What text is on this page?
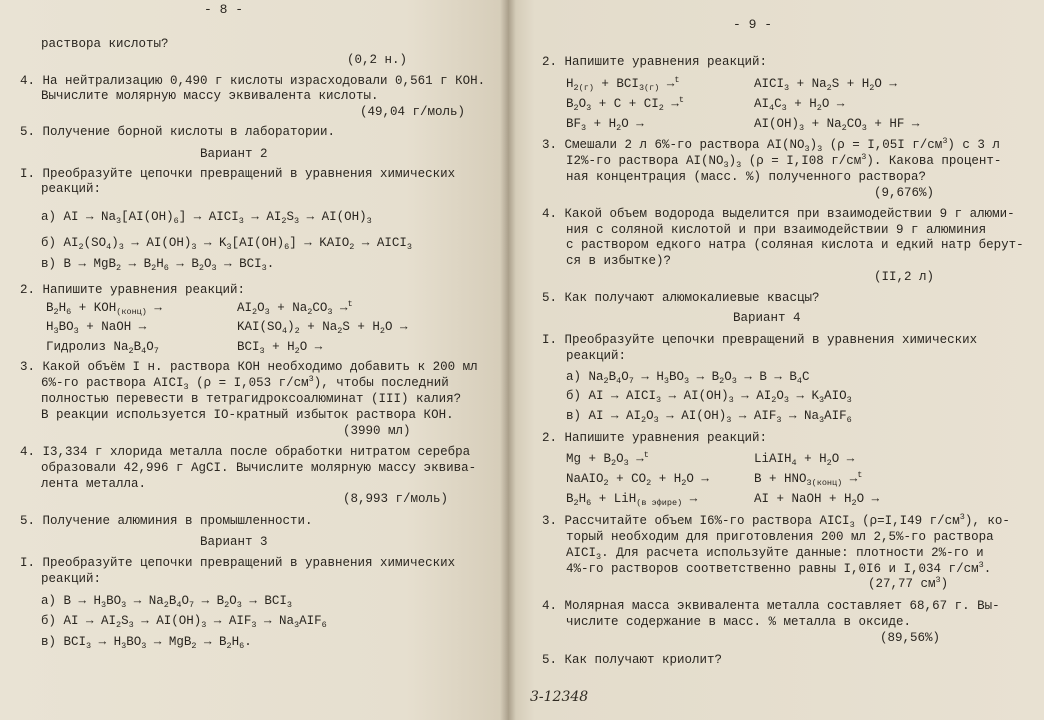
- 8 -
раствора кислоты?
(0,2 н.)
4. На нейтрализацию 0,490 г кислоты израсходовали 0,561 г КОН.
Вычислите молярную массу эквивалента кислоты.
(49,04 г/моль)
5. Получение борной кислоты в лаборатории.
Вариант 2
I. Преобразуйте цепочки превращений в уравнения химических
реакций:
а) AI → $Na_3[AI(OH)_6]$ → $AICI_3 \to AI_2S_3 \to AI(OH)_3$
б) $AI_2(SO_4)_3 \to AI(OH)_3 \to K_3[AI(OH)_6]$ → $KAIO_2$ → $AICI_3$
в) $B \to MgB_2 \to B_2H_6 \to B_2O_3 \to BCI_3$.
2. Напишите уравнения реакций:
$B_2H_6 + KOH_{(конц)}$ →	$AI_2O_3 + Na_2CO_3 \to^t$
$H_3BO_3$ + NaOH →	$KAI(SO_4)_2 + Na_2S + H_2O$ →
Гидролиз $Na_2B_4O_7$	$BCI_3 + H_2O$ →
3. Какой объём I н. раствора КОН необходимо добавить к 200 мл
6%-го раствора $AICI_3$ (ρ = I,053 $г/см^3$), чтобы последний
полностью перевести в тетрагидроксоалюминат (III) калия?
В реакции используется IO-кратный избыток раствора КОН.
(3990 мл)
4. I3,334 г хлорида металла после обработки нитратом серебра
образовали 42,996 г AgCI. Вычислите молярную массу эквива-
лента металла.
(8,993 г/моль)
5. Получение алюминия в промышленности.
Вариант 3
I. Преобразуйте цепочки превращений в уравнения химических
реакций:
а) $B \to H_3BO_3 \to Na_2B_4O_7 \to B_2O_3 \to BCI_3$
б) AI → $AI_2S_3 \to AI(OH)_3 \to AIF_3 \to Na_3AIF_6$
в) $BCI_3 \to H_3BO_3 \to MgB_2 \to B_2H_6$.
- 9 -
2. Напишите уравнения реакций:
$H_{2(г)} + BCI_{3(г)} \to^t$	$AICI_3 + Na_2S + H_2O$ →
$B_2O_3 + C + CI_2 \to^t$	$AI_4C_3 + H_2O$ →
$BF_3 + H_2O$ →	$AI(OH)_3 + Na_2CO_3$ + HF →
3. Смешали 2 л 6%-го раствора $AI(NO_3)_3$ (ρ = I,05I $г/см^3$) с 3 л
I2%-го раствора $AI(NO_3)_3$ (ρ = I,I08 $г/см^3$). Какова процент-
ная концентрация (масс. %) полученного раствора?
(9,676%)
4. Какой объем водорода выделится при взаимодействии 9 г алюми-
ния с соляной кислотой и при взаимодействии 9 г алюминия
с раствором едкого натра (соляная кислота и едкий натр берут-
ся в избытке)?
(II,2 л)
5. Как получают алюмокалиевые квасцы?
Вариант 4
I. Преобразуйте цепочки превращений в уравнения химических
реакций:
а) $Na_2B_4O_7 \to H_3BO_3 \to B_2O_3 \to B \to B_4C$
б) AI → $AICI_3 \to AI(OH)_3 \to AI_2O_3 \to K_3AIO_3$
в) AI → $AI_2O_3 \to AI(OH)_3 \to AIF_3 \to Na_3AIF_6$
2. Напишите уравнения реакций:
$Mg + B_2O_3 \to^t$	LiAIH$_4$ + $H_2O$ →
NaAIO$_2$ + $CO_2 + H_2O$ →	$B + HNO_{3(конц)} \to^t$
$B_2H_6 + LiH_{(в эфире)}$ →	AI + NaOH + $H_2O$ →
3. Рассчитайте объем I6%-го раствора $AICI_3$ (ρ=I,I49 $г/см^3$), ко-
торый необходим для приготовления 200 мл 2,5%-го раствора
$AICI_3$. Для расчета используйте данные: плотности 2%-го и
4%-го растворов соответственно равны I,0I6 и I,034 $г/см^3$.
(27,77 $см^3$)
4. Молярная масса эквивалента металла составляет 68,67 г. Вы-
числите содержание в масс. % металла в оксиде.
(89,56%)
5. Как получают криолит?
3-12348
